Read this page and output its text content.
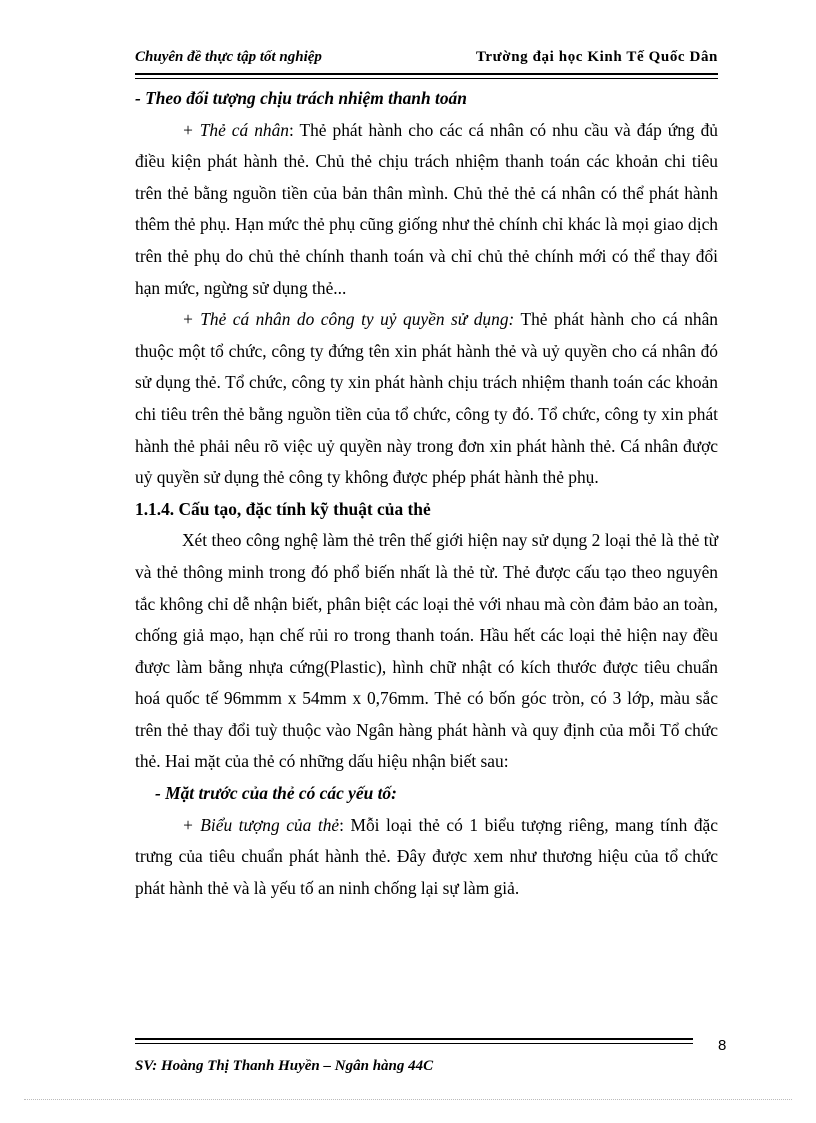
Chuyên đề thực tập tốt nghiệp	Trường đại học Kinh Tế Quốc Dân

- Theo đối tượng chịu trách nhiệm thanh toán

+ Thẻ cá nhân: Thẻ phát hành cho các cá nhân có nhu cầu và đáp ứng đủ điều kiện phát hành thẻ. Chủ thẻ chịu trách nhiệm thanh toán các khoản chi tiêu trên thẻ bằng nguồn tiền của bản thân mình. Chủ thẻ thẻ cá nhân có thể phát hành thêm thẻ phụ. Hạn mức thẻ phụ cũng giống như thẻ chính chỉ khác là mọi giao dịch trên thẻ phụ do chủ thẻ chính thanh toán và chỉ chủ thẻ chính mới có thể thay đổi hạn mức, ngừng sử dụng thẻ...

+ Thẻ cá nhân do công ty uỷ quyền sử dụng: Thẻ phát hành cho cá nhân thuộc một tổ chức, công ty đứng tên xin phát hành thẻ và uỷ quyền cho cá nhân đó sử dụng thẻ. Tổ chức, công ty xin phát hành chịu trách nhiệm thanh toán các khoản chi tiêu trên thẻ bằng nguồn tiền của tổ chức, công ty đó. Tổ chức, công ty xin phát hành thẻ phải nêu rõ việc uỷ quyền này trong đơn xin phát hành thẻ. Cá nhân được uỷ quyền sử dụng thẻ công ty không được phép phát hành thẻ phụ.

1.1.4. Cấu tạo, đặc tính kỹ thuật của thẻ

Xét theo công nghệ làm thẻ trên thế giới hiện nay sử dụng 2 loại thẻ là thẻ từ và thẻ thông minh trong đó phổ biến nhất là thẻ từ. Thẻ được cấu tạo theo nguyên tắc không chỉ dễ nhận biết, phân biệt các loại thẻ với nhau mà còn đảm bảo an toàn, chống giả mạo, hạn chế rủi ro trong thanh toán. Hầu hết các loại thẻ hiện nay đều được làm bằng nhựa cứng(Plastic), hình chữ nhật có kích thước được tiêu chuẩn hoá quốc tế 96mmm x 54mm x 0,76mm. Thẻ có bốn góc tròn, có 3 lớp, màu sắc trên thẻ thay đổi tuỳ thuộc vào Ngân hàng phát hành và quy định của mỗi Tổ chức thẻ. Hai mặt của thẻ có những dấu hiệu nhận biết sau:

- Mặt trước của thẻ có các yếu tố:

+ Biểu tượng của thẻ: Mỗi loại thẻ có 1 biểu tượng riêng, mang tính đặc trưng của tiêu chuẩn phát hành thẻ. Đây được xem như thương hiệu của tổ chức phát hành thẻ và là yếu tố an ninh chống lại sự làm giả.

8
SV: Hoàng Thị Thanh Huyền – Ngân hàng 44C
